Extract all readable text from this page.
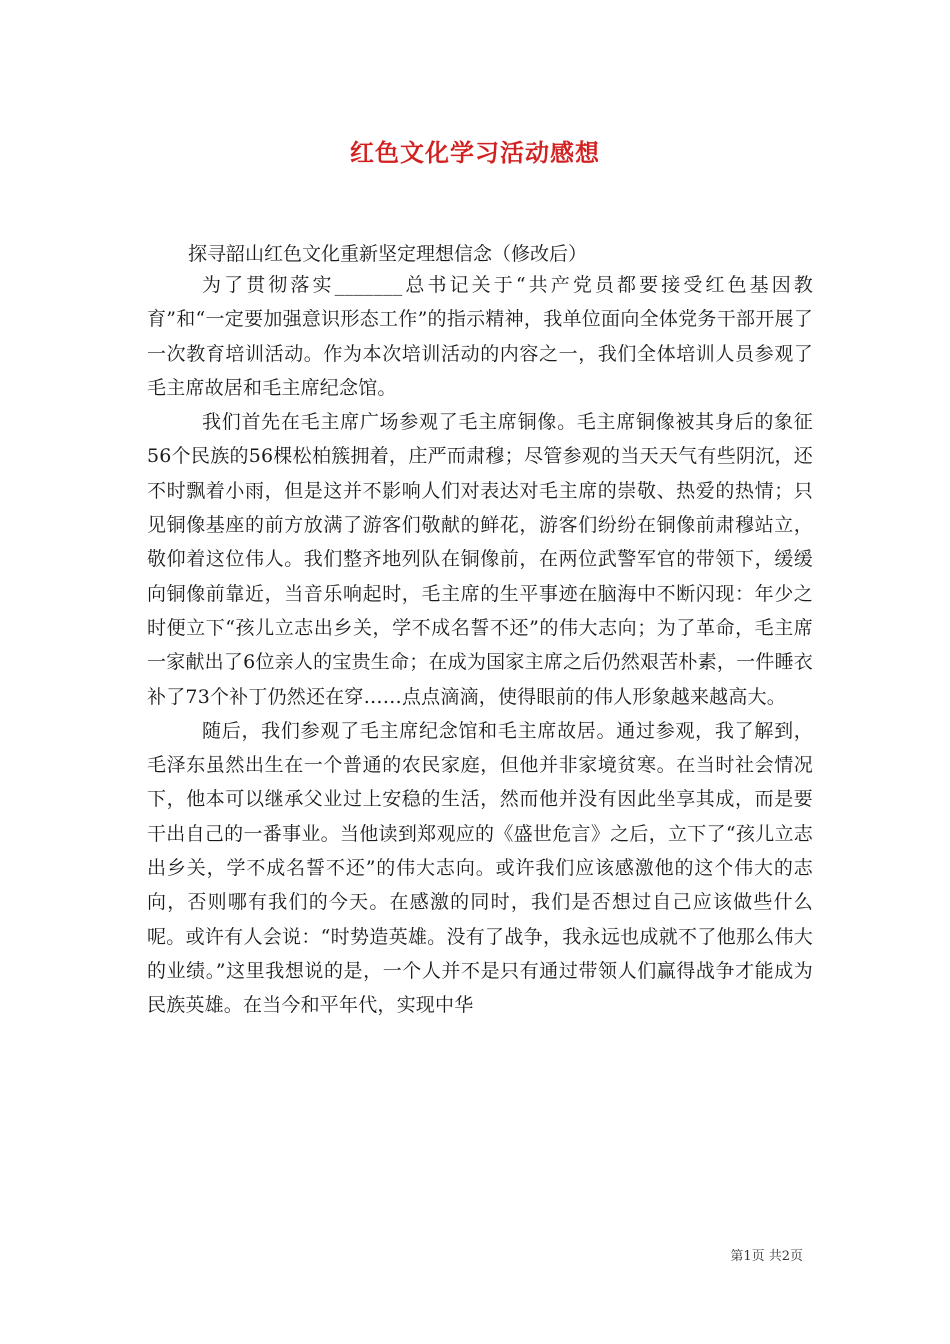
红色文化学习活动感想
探寻韶山红色文化重新坚定理想信念（修改后）

为了贯彻落实_______总书记关于“共产党员都要接受红色基因教育”和“一定要加强意识形态工作”的指示精神，我单位面向全体党务干部开展了一次教育培训活动。作为本次培训活动的内容之一，我们全体培训人员参观了毛主席故居和毛主席纪念馆。

我们首先在毛主席广场参观了毛主席铜像。毛主席铜像被其身后的象征56个民族的56棵松柏簇拥着，庄严而肃穆；尽管参观的当天天气有些阴沉，还不时飘着小雨，但是这并不影响人们对表达对毛主席的崇敬、热爱的热情；只见铜像基座的前方放满了游客们敬献的鲜花，游客们纷纷在铜像前肃穆站立，敬仰着这位伟人。我们整齐地列队在铜像前，在两位武警军官的带领下，缓缓向铜像前靠近，当音乐响起时，毛主席的生平事迹在脑海中不断闪现：年少之时便立下“孩儿立志出乡关，学不成名誓不还”的伟大志向；为了革命，毛主席一家献出了6位亲人的宝贵生命；在成为国家主席之后仍然艰苦朴素，一件睡衣补了73个补丁仍然还在穿……点点滴滴，使得眼前的伟人形象越来越高大。

随后，我们参观了毛主席纪念馆和毛主席故居。通过参观，我了解到，毛泽东虽然出生在一个普通的农民家庭，但他并非家境贫寒。在当时社会情况下，他本可以继承父业过上安稳的生活，然而他并没有因此坐享其成，而是要干出自己的一番事业。当他读到郑观应的《盛世危言》之后，立下了“孩儿立志出乡关，学不成名誓不还”的伟大志向。或许我们应该感激他的这个伟大的志向，否则哪有我们的今天。在感激的同时，我们是否想过自己应该做些什么呢。或许有人会说：“时势造英雄。没有了战争，我永远也成就不了他那么伟大的业绩。”这里我想说的是，一个人并不是只有通过带领人们赢得战争才能成为民族英雄。在当今和平年代，实现中华

第1页 共2页
